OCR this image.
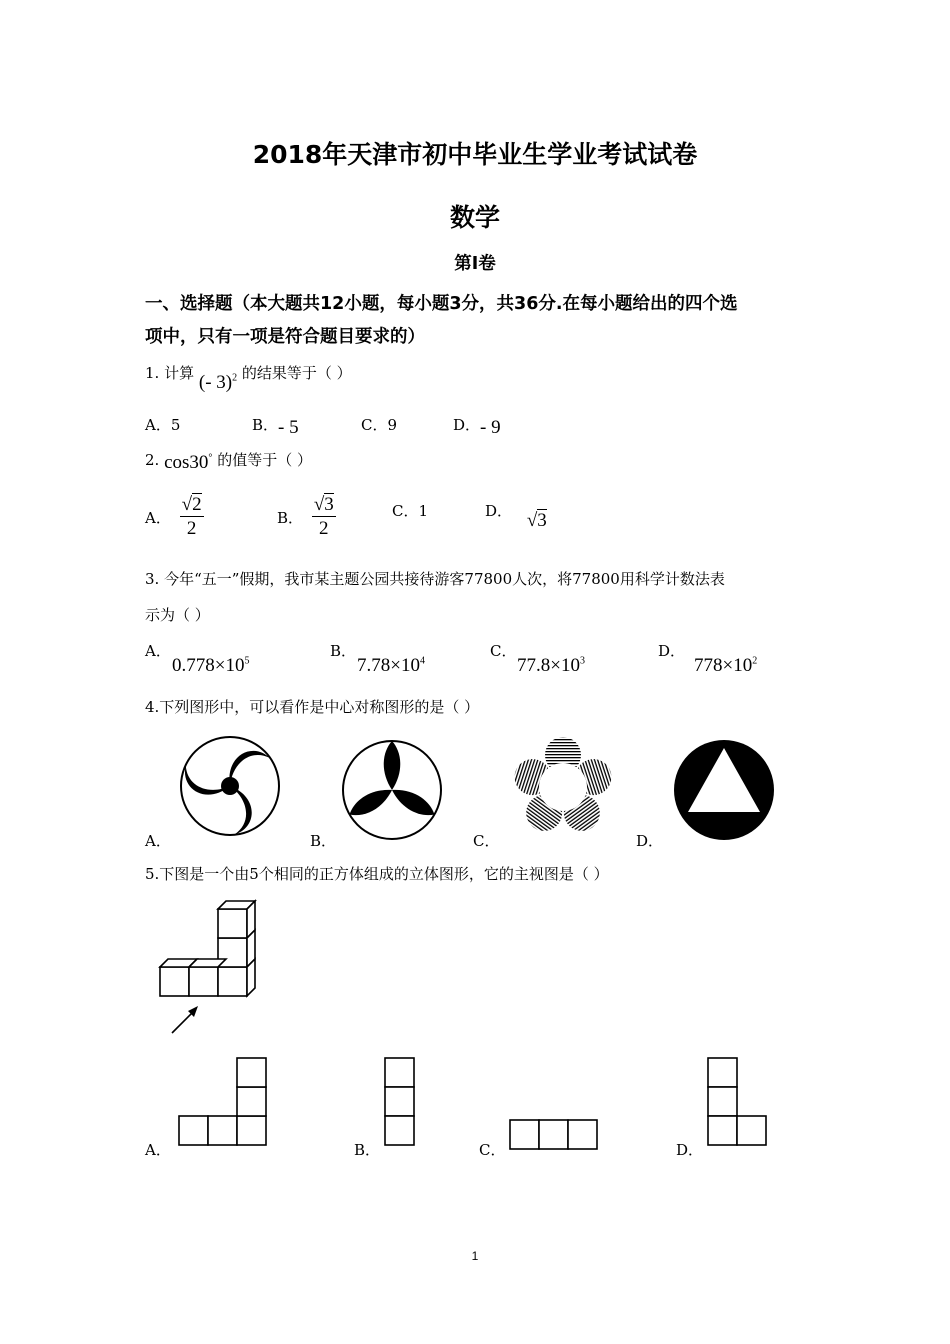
2018年天津市初中毕业生学业考试试卷
数学
第Ⅰ卷
一、选择题（本大题共12小题，每小题3分，共36分.在每小题给出的四个选
项中，只有一项是符合题目要求的）
1. 计算 (- 3)$^2$ 的结果等于（ ）
A．5	B．- 5	C．9	D．- 9
2. cos30° 的值等于（ ）
A． $\frac{√2}{2}$	B． $\frac{√3}{2}$	C．1	D． √3
3. 今年“五一”假期，我市某主题公园共接待游客77800人次，将77800用科学计数法表
示为（ ）
A．
$0.778\times 10^5$
B．
$7.78\times 10^4$
C．
$77.8\times 10^3$
D．
$778\times 10^2$
4.下列图形中，可以看作是中心对称图形的是（ ）
A．	B．	C．	D．
5.下图是一个由5个相同的正方体组成的立体图形，它的主视图是（ ）
A．	B．	C．	D．
1
